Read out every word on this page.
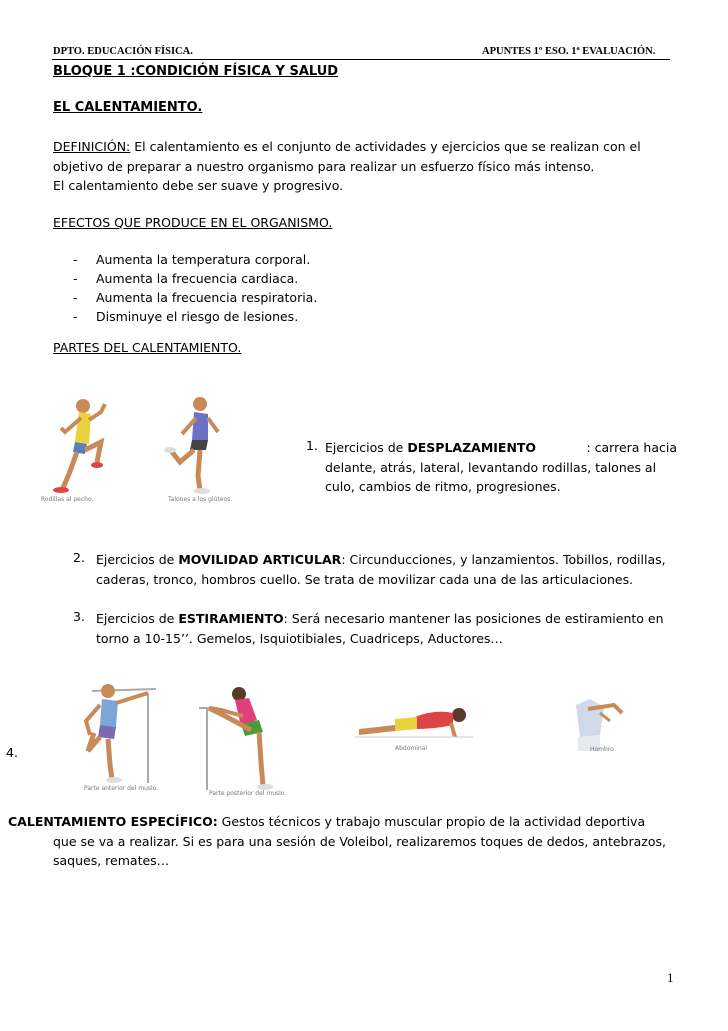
DPTO. EDUCACIÓN FÍSICA.	APUNTES 1º ESO. 1ª EVALUACIÓN.
BLOQUE 1 :CONDICIÓN FÍSICA Y SALUD
EL CALENTAMIENTO.
DEFINICIÓN: El calentamiento es el conjunto de actividades y ejercicios que se realizan con el
objetivo de preparar a nuestro organismo para realizar un esfuerzo físico más intenso.
El calentamiento debe ser suave y progresivo.
EFECTOS QUE PRODUCE EN EL ORGANISMO.
- Aumenta la temperatura corporal.
- Aumenta la frecuencia cardiaca.
- Aumenta la frecuencia respiratoria.
- Disminuye el riesgo de lesiones.
PARTES DEL CALENTAMIENTO.
Rodillas al pecho.	Talones a los glúteos.
1. Ejercicios de DESPLAZAMIENTO	: carrera hacia
delante, atrás, lateral, levantando rodillas, talones al
culo, cambios de ritmo, progresiones.
2. Ejercicios de MOVILIDAD ARTICULAR: Circunducciones, y lanzamientos. Tobillos, rodillas,
caderas, tronco, hombros cuello. Se trata de movilizar cada una de las articulaciones.
3. Ejercicios de ESTIRAMIENTO: Será necesario mantener las posiciones de estiramiento en
torno a 10-15’’. Gemelos, Isquiotibiales, Cuadriceps, Aductores…
4.
Parte anterior del muslo.
Parte posterior del muslo.
Abdominal	Hombro
CALENTAMIENTO ESPECÍFICO: Gestos técnicos y trabajo muscular propio de la actividad deportiva
que se va a realizar. Si es para una sesión de Voleibol, realizaremos toques de dedos, antebrazos,
saques, remates…
1
